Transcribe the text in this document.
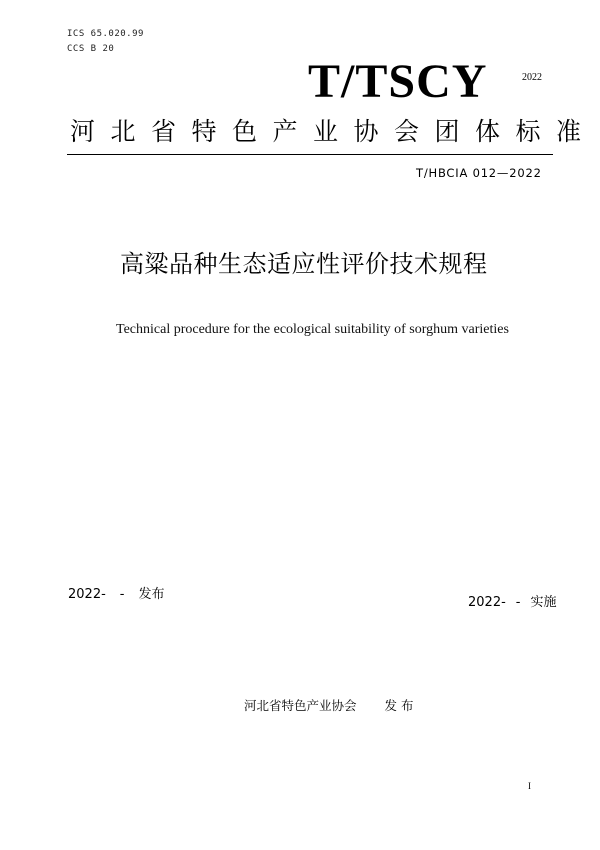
ICS 65.020.99
CCS B 20
T/TSCY	2022
河北省特色产业协会团体标准
T/HBCIA 012—2022
高粱品种生态适应性评价技术规程
Technical procedure for the ecological suitability of sorghum varieties
2022- - 发布
2022- - 实施
河北省特色产业协会 发 布
I
